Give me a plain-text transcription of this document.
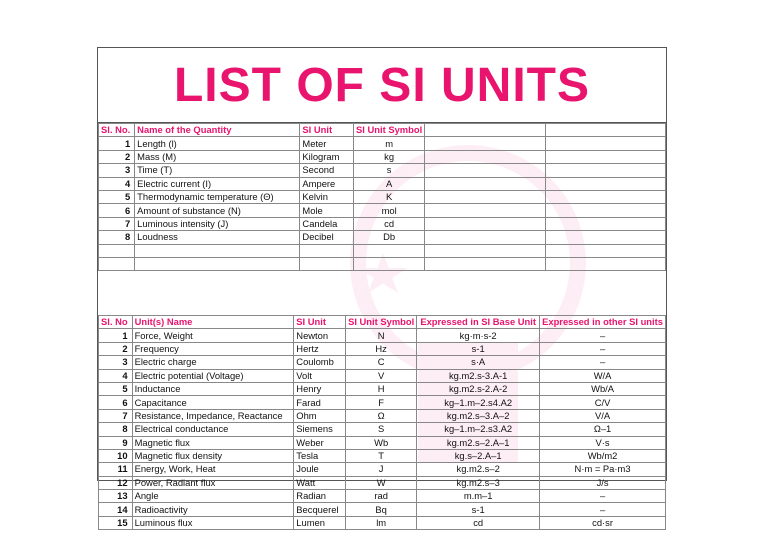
LIST OF SI UNITS
Sl. No.	Name of the Quantity	SI Unit	SI Unit Symbol		
1	Length (l)	Meter	m		
2	Mass (M)	Kilogram	kg		
3	Time (T)	Second	s		
4	Electric current (I)	Ampere	A		
5	Thermodynamic temperature (Θ)	Kelvin	K		
6	Amount of substance (N)	Mole	mol		
7	Luminous intensity (J)	Candela	cd		
8	Loudness	Decibel	Db		

Sl. No	Unit(s) Name	SI Unit	SI Unit Symbol	Expressed in SI Base Unit	Expressed in other SI units
1	Force, Weight	Newton	N	kg·m·s-2	–
2	Frequency	Hertz	Hz	s-1	–
3	Electric charge	Coulomb	C	s·A	–
4	Electric potential (Voltage)	Volt	V	kg.m2.s-3.A-1	W/A
5	Inductance	Henry	H	kg.m2.s-2.A-2	Wb/A
6	Capacitance	Farad	F	kg–1.m–2.s4.A2	C/V
7	Resistance, Impedance, Reactance	Ohm	Ω	kg.m2.s–3.A–2	V/A
8	Electrical conductance	Siemens	S	kg–1.m–2.s3.A2	Ω–1
9	Magnetic flux	Weber	Wb	kg.m2.s–2.A–1	V·s
10	Magnetic flux density	Tesla	T	kg.s–2.A–1	Wb/m2
11	Energy, Work, Heat	Joule	J	kg.m2.s–2	N·m = Pa·m3
12	Power, Radiant flux	Watt	W	kg.m2.s–3	J/s
13	Angle	Radian	rad	m.m–1	–
14	Radioactivity	Becquerel	Bq	s-1	–
15	Luminous flux	Lumen	lm	cd	cd·sr
